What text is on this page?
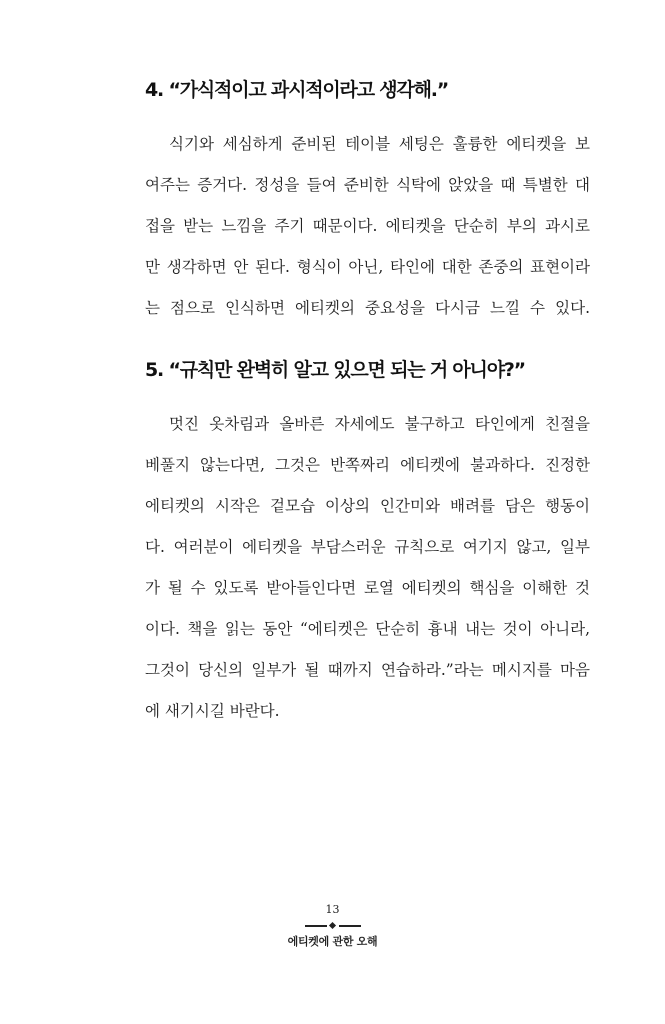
4. “가식적이고 과시적이라고 생각해.”
식기와 세심하게 준비된 테이블 세팅은 훌륭한 에티켓을 보
여주는 증거다. 정성을 들여 준비한 식탁에 앉았을 때 특별한 대
접을 받는 느낌을 주기 때문이다. 에티켓을 단순히 부의 과시로
만 생각하면 안 된다. 형식이 아닌, 타인에 대한 존중의 표현이라
는 점으로 인식하면 에티켓의 중요성을 다시금 느낄 수 있다.
5. “규칙만 완벽히 알고 있으면 되는 거 아니야?”
멋진 옷차림과 올바른 자세에도 불구하고 타인에게 친절을
베풀지 않는다면, 그것은 반쪽짜리 에티켓에 불과하다. 진정한
에티켓의 시작은 겉모습 이상의 인간미와 배려를 담은 행동이
다. 여러분이 에티켓을 부담스러운 규칙으로 여기지 않고, 일부
가 될 수 있도록 받아들인다면 로열 에티켓의 핵심을 이해한 것
이다. 책을 읽는 동안 “에티켓은 단순히 흉내 내는 것이 아니라,
그것이 당신의 일부가 될 때까지 연습하라.”라는 메시지를 마음
에 새기시길 바란다.
13
에티켓에 관한 오해
